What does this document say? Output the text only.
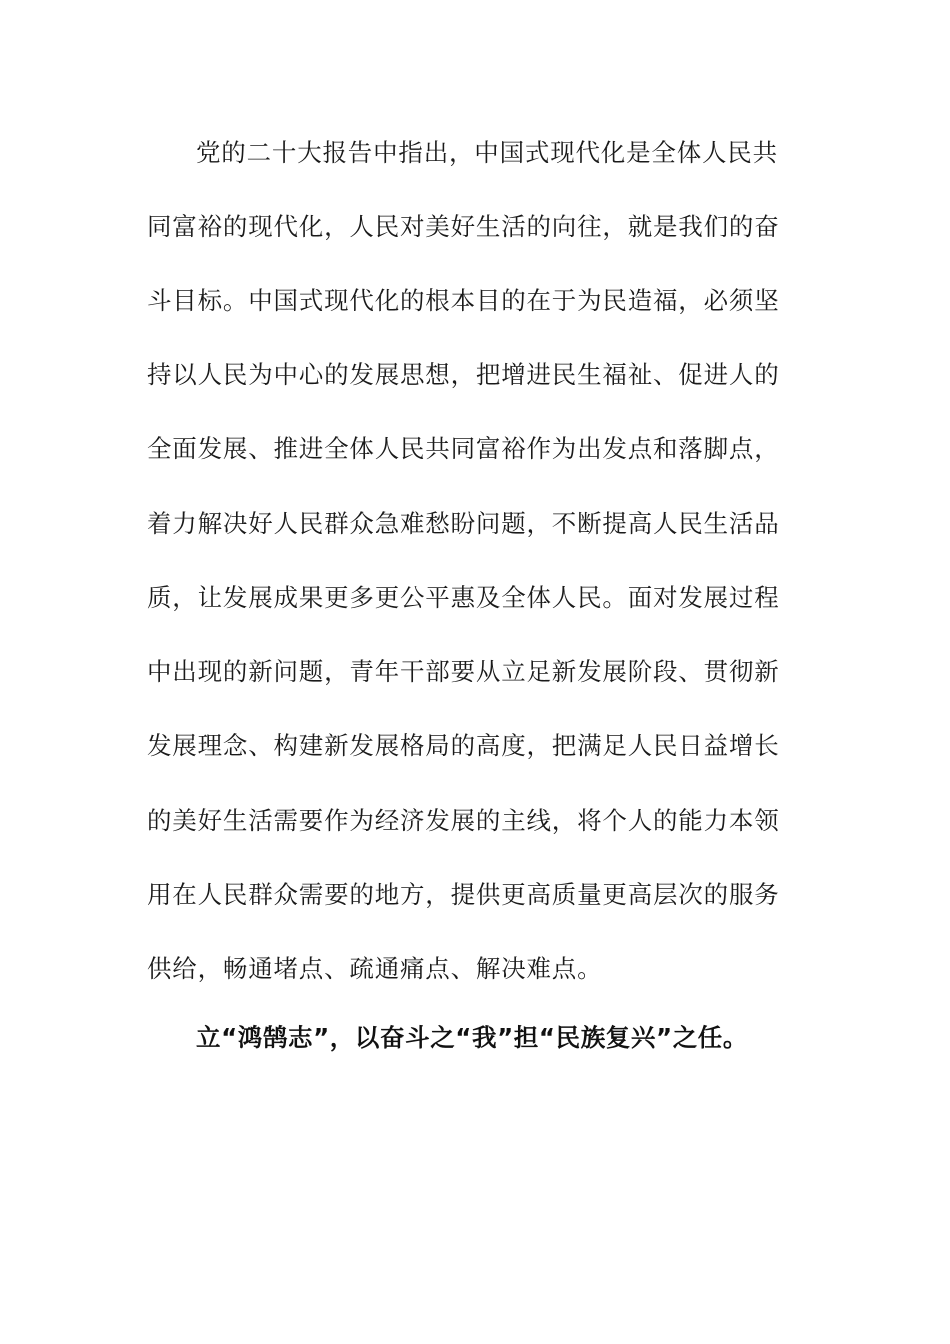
党的二十大报告中指出，中国式现代化是全体人民共
同富裕的现代化，人民对美好生活的向往，就是我们的奋
斗目标。中国式现代化的根本目的在于为民造福，必须坚
持以人民为中心的发展思想，把增进民生福祉、促进人的
全面发展、推进全体人民共同富裕作为出发点和落脚点，
着力解决好人民群众急难愁盼问题，不断提高人民生活品
质，让发展成果更多更公平惠及全体人民。面对发展过程
中出现的新问题，青年干部要从立足新发展阶段、贯彻新
发展理念、构建新发展格局的高度，把满足人民日益增长
的美好生活需要作为经济发展的主线，将个人的能力本领
用在人民群众需要的地方，提供更高质量更高层次的服务
供给，畅通堵点、疏通痛点、解决难点。
立“鸿鹄志”，以奋斗之“我”担“民族复兴”之任。
